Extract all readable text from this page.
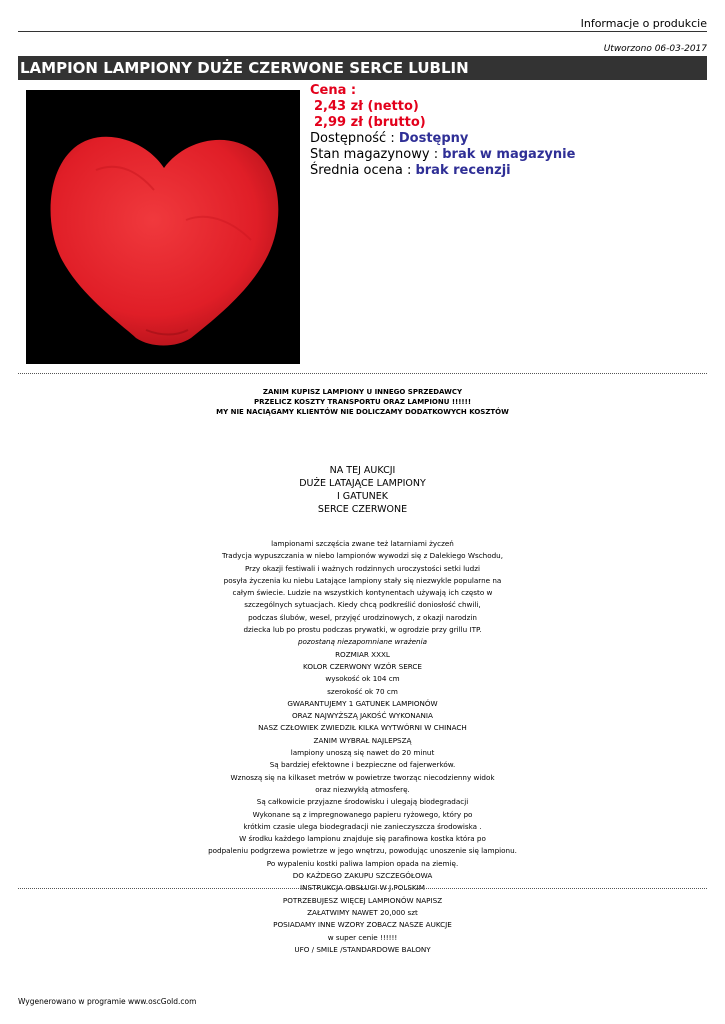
Informacje o produkcie
Utworzono 06-03-2017
LAMPION LAMPIONY DUŻE CZERWONE SERCE LUBLIN
Cena :
2,43 zł (netto)
2,99 zł (brutto)
Dostępność : Dostępny
Stan magazynowy : brak w magazynie
Średnia ocena : brak recenzji
ZANIM KUPISZ LAMPIONY U INNEGO SPRZEDAWCY
PRZELICZ KOSZTY TRANSPORTU ORAZ LAMPIONU !!!!!!
MY NIE NACIĄGAMY KLIENTÓW NIE DOLICZAMY DODATKOWYCH KOSZTÓW
NA TEJ AUKCJI
DUŻE LATAJĄCE LAMPIONY
I GATUNEK
SERCE CZERWONE
lampionami szczęścia zwane też latarniami życzeń
Tradycja wypuszczania w niebo lampionów wywodzi się z Dalekiego Wschodu,
Przy okazji festiwali i ważnych rodzinnych uroczystości setki ludzi
posyła życzenia ku niebu Latające lampiony stały się niezwykle popularne na
całym świecie. Ludzie na wszystkich kontynentach używają ich często w
szczególnych sytuacjach. Kiedy chcą podkreślić doniosłość chwili,
podczas ślubów, wesel, przyjęć urodzinowych, z okazji narodzin
dziecka lub po prostu podczas prywatki, w ogrodzie przy grillu ITP.
pozostaną niezapomniane wrażenia
ROZMIAR XXXL
KOLOR CZERWONY WZÓR SERCE
wysokość ok 104 cm
szerokość ok 70 cm
GWARANTUJEMY 1 GATUNEK LAMPIONÓW
ORAZ NAJWYŻSZĄ JAKOŚĆ WYKONANIA
NASZ CZŁOWIEK ZWIEDZIŁ KILKA WYTWÓRNI W CHINACH
ZANIM WYBRAŁ NAJLEPSZĄ
lampiony unoszą się nawet do 20 minut
Są bardziej efektowne i bezpieczne od fajerwerków.
Wznoszą się na kilkaset metrów w powietrze tworząc niecodzienny widok
oraz niezwykłą atmosferę.
Są całkowicie przyjazne środowisku i ulegają biodegradacji
Wykonane są z impregnowanego papieru ryżowego, który po
krótkim czasie ulega biodegradacji nie zanieczyszcza środowiska .
W środku każdego lampionu znajduje się parafinowa kostka która po
podpaleniu podgrzewa powietrze w jego wnętrzu, powodując unoszenie się lampionu.
Po wypaleniu kostki paliwa lampion opada na ziemię.
DO KAŻDEGO ZAKUPU SZCZEGÓŁOWA
INSTRUKCJA OBSŁUGI W J.POLSKIM
POTRZEBUJESZ WIĘCEJ LAMPIONÓW NAPISZ
ZAŁATWIMY NAWET 20,000 szt
POSIADAMY INNE WZORY ZOBACZ NASZE AUKCJE
w super cenie !!!!!!
UFO / SMILE /STANDARDOWE BALONY
Wygenerowano w programie www.oscGold.com
